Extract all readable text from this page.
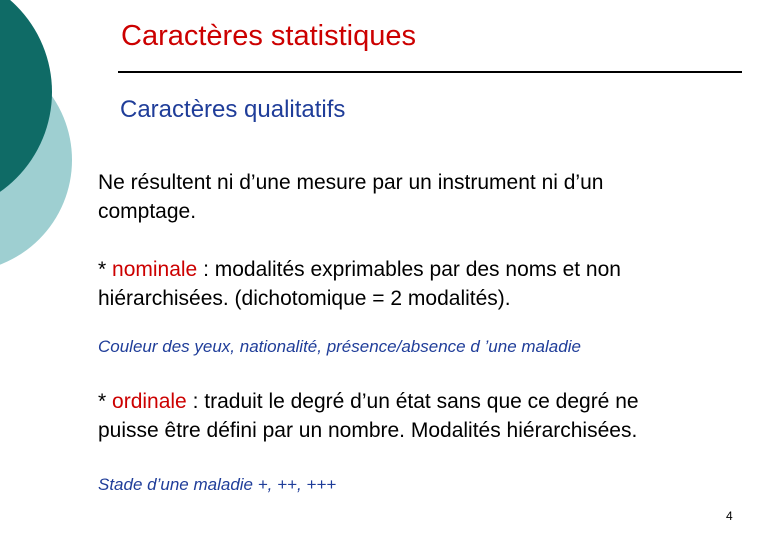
Caractères statistiques
Caractères qualitatifs
Ne résultent ni d’une mesure par un instrument ni d’un
comptage.
* nominale : modalités exprimables par des noms et non
hiérarchisées. (dichotomique = 2 modalités).
Couleur des yeux, nationalité, présence/absence d ’une maladie
* ordinale : traduit le degré d’un état sans que ce degré ne
puisse être défini par un nombre. Modalités hiérarchisées.
Stade d’une maladie +, ++, +++
4
